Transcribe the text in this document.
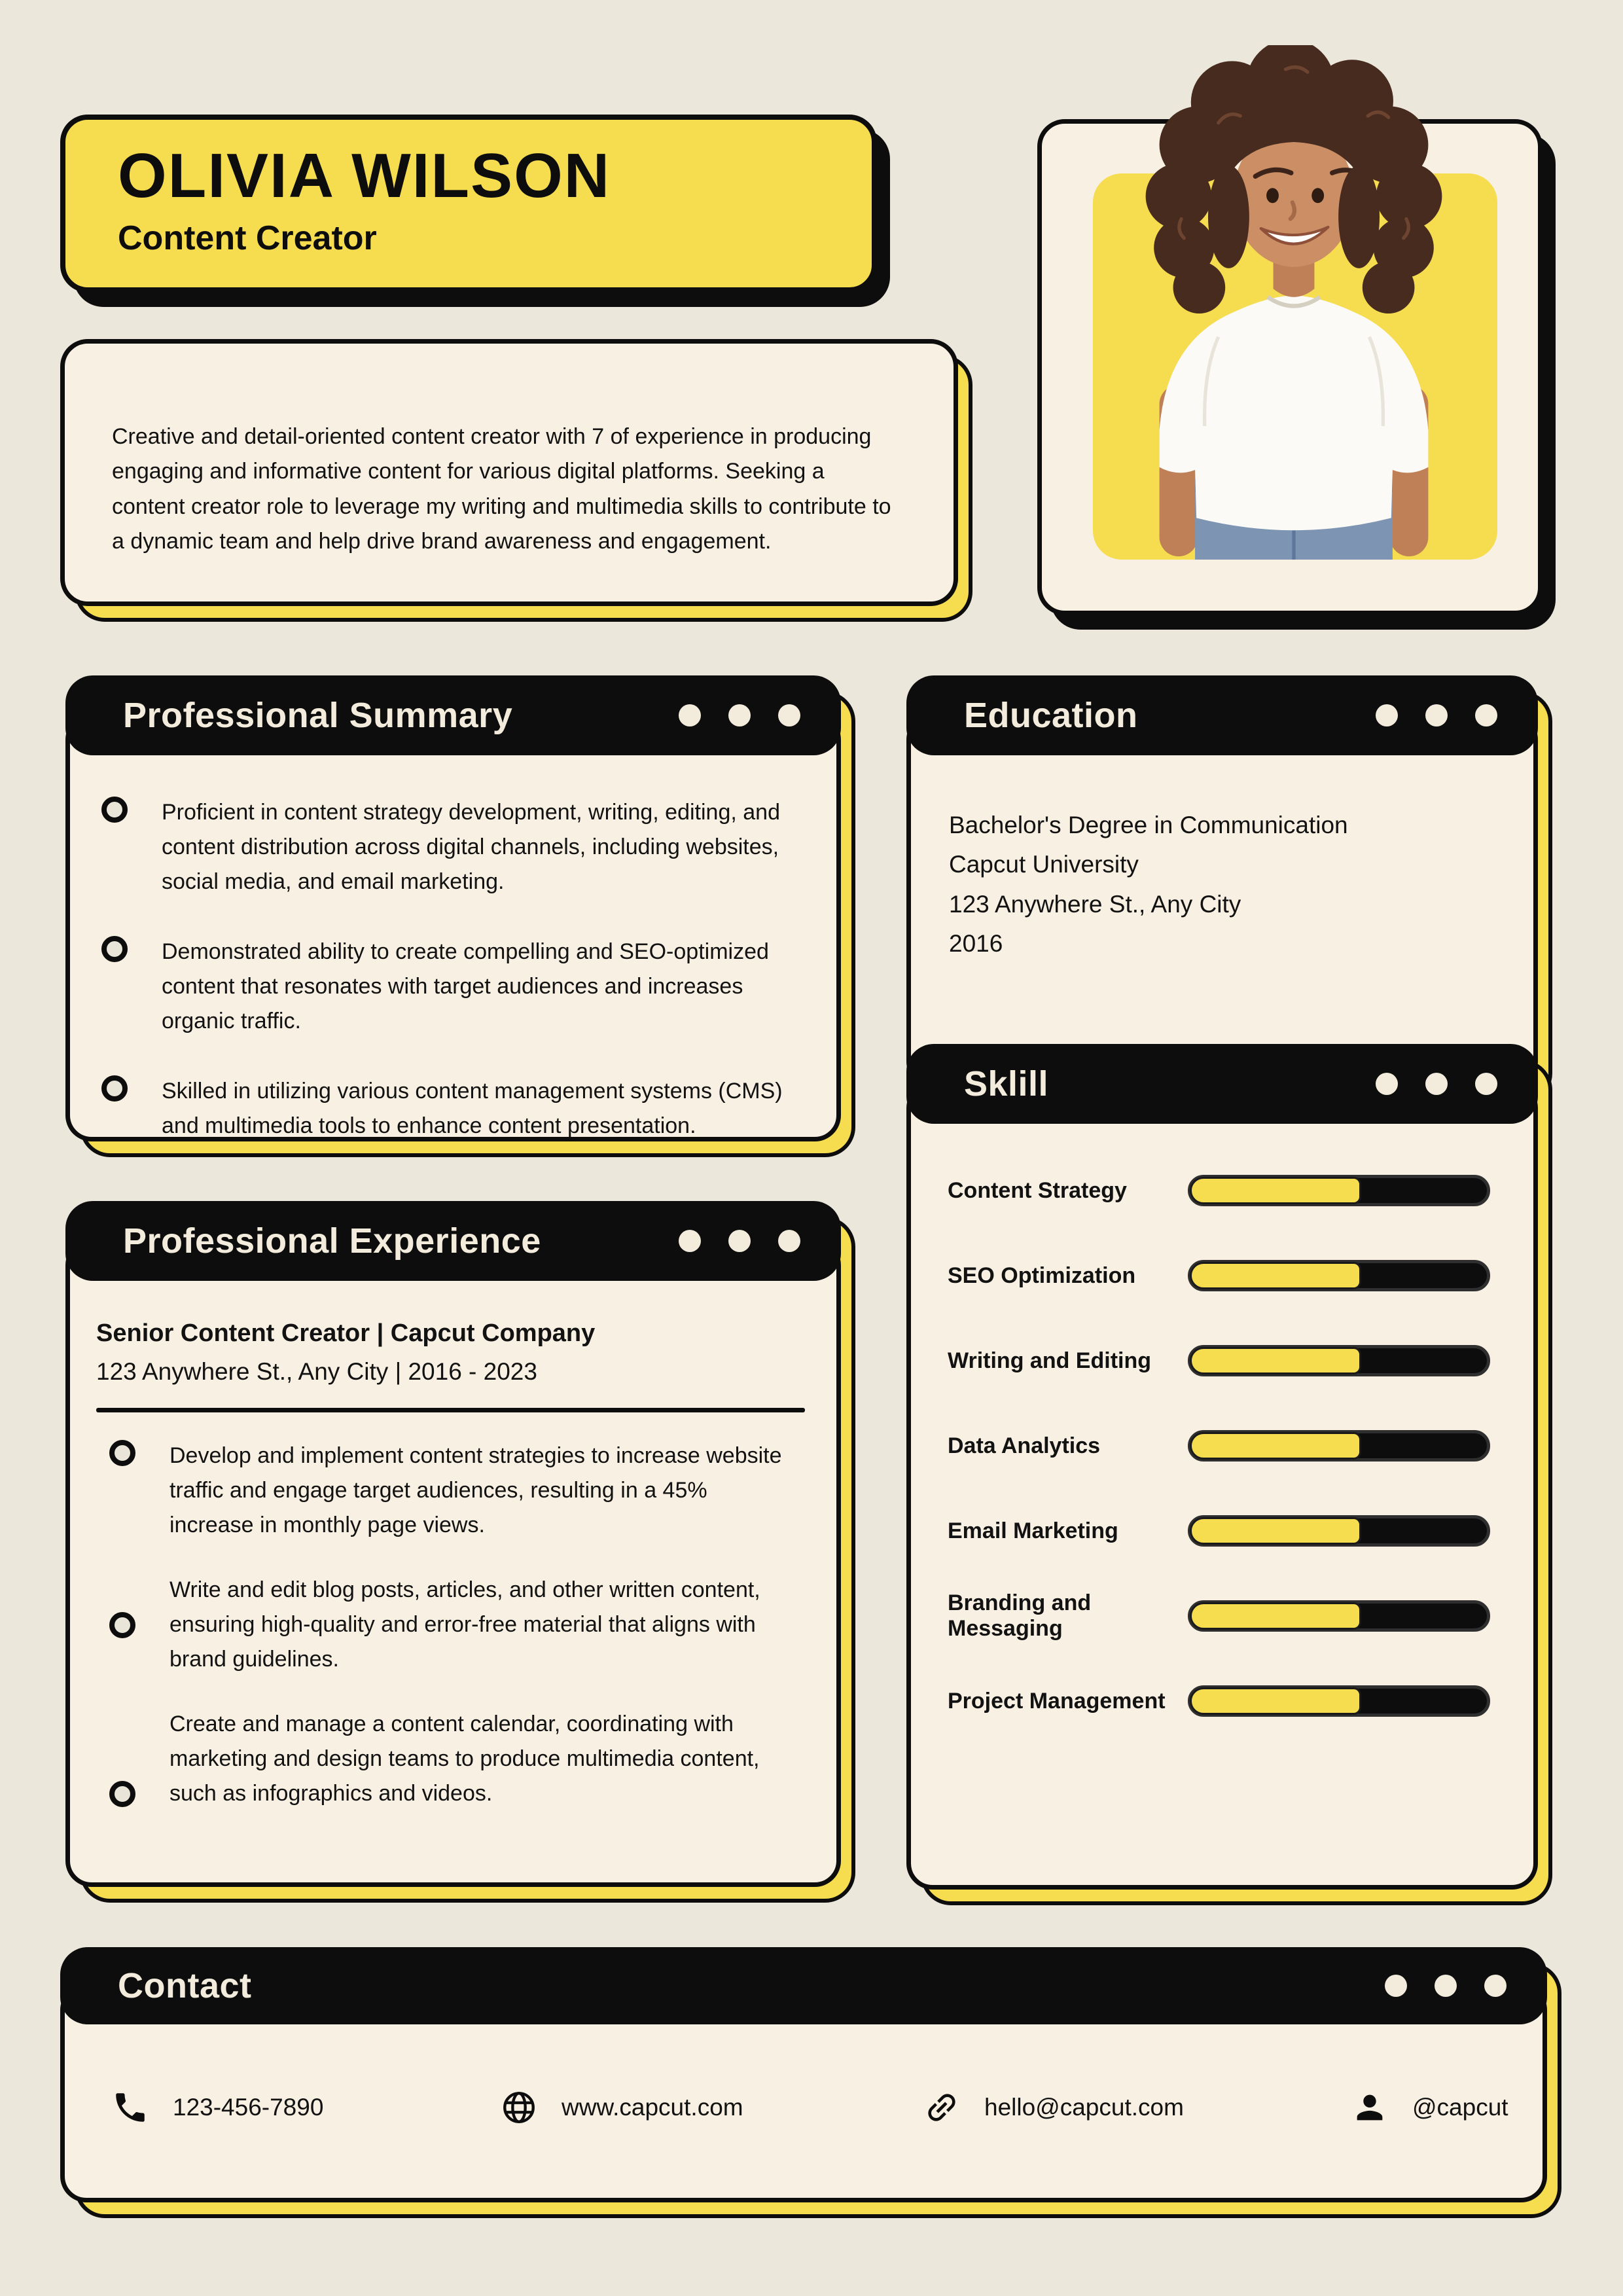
OLIVIA WILSON
Content Creator
Creative and detail-oriented content creator with 7 of experience in producing engaging and informative content for various digital platforms. Seeking a content creator role to leverage my writing and multimedia skills to contribute to a dynamic team and help drive brand awareness and engagement.
Proficient in content strategy development, writing, editing, and content distribution across digital channels, including websites, social media, and email marketing.
Demonstrated ability to create compelling and SEO-optimized content that resonates with target audiences and increases organic traffic.
Skilled in utilizing various content management systems (CMS) and multimedia tools to enhance content presentation.
Professional Summary
Bachelor's Degree in Communication
Capcut University
123 Anywhere St., Any City
2016
Education
Content Strategy
SEO Optimization
Writing and Editing
Data Analytics
Email Marketing
Branding and Messaging
Project Management
Sklill
Senior Content Creator | Capcut Company
123 Anywhere St., Any City | 2016 - 2023
Develop and implement content strategies to increase website traffic and engage target audiences, resulting in a 45% increase in monthly page views.
Write and edit blog posts, articles, and other written content, ensuring high-quality and error-free material that aligns with brand guidelines.
Create and manage a content calendar, coordinating with marketing and design teams to produce multimedia content, such as infographics and videos.
Professional Experience
123-456-7890	www.capcut.com	hello@capcut.com	@capcut
Contact
